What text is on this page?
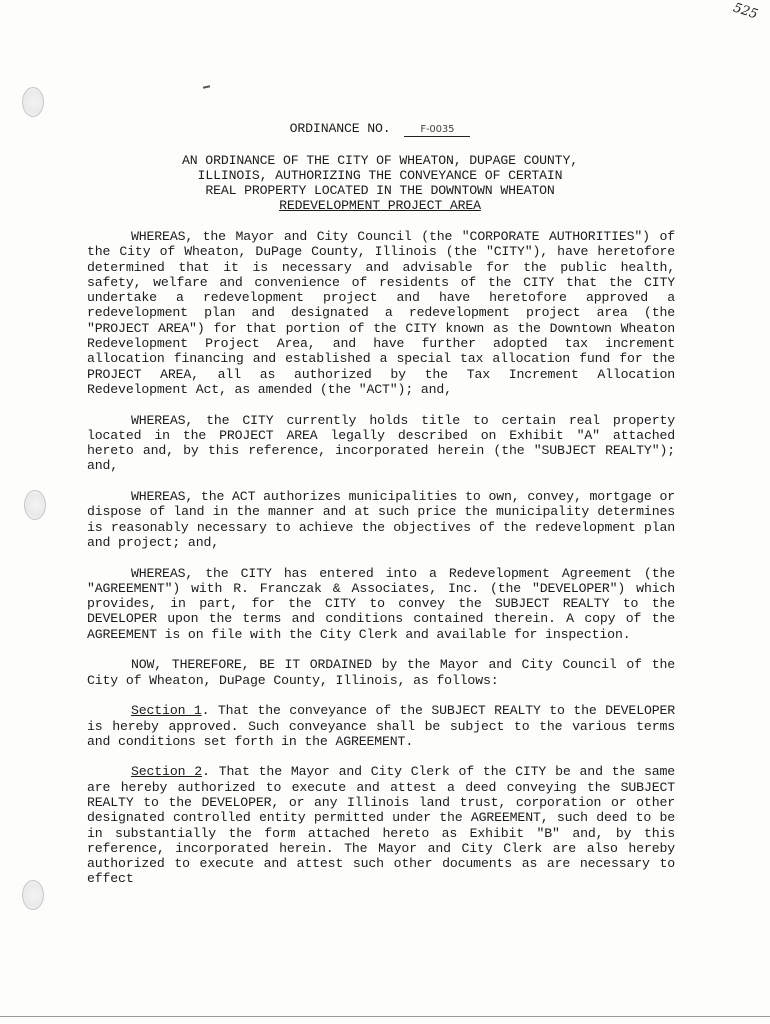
525
ORDINANCE NO.	F-0035
AN ORDINANCE OF THE CITY OF WHEATON, DUPAGE COUNTY,
ILLINOIS, AUTHORIZING THE CONVEYANCE OF CERTAIN
REAL PROPERTY LOCATED IN THE DOWNTOWN WHEATON
REDEVELOPMENT PROJECT AREA

WHEREAS, the Mayor and City Council (the "CORPORATE AUTHORITIES") of the City of Wheaton, DuPage County, Illinois (the "CITY"), have heretofore determined that it is necessary and advisable for the public health, safety, welfare and convenience of residents of the CITY that the CITY undertake a redevelopment project and have heretofore approved a redevelopment plan and designated a redevelopment project area (the "PROJECT AREA") for that portion of the CITY known as the Downtown Wheaton Redevelopment Project Area, and have further adopted tax increment allocation financing and established a special tax allocation fund for the PROJECT AREA, all as authorized by the Tax Increment Allocation Redevelopment Act, as amended (the "ACT"); and,

WHEREAS, the CITY currently holds title to certain real property located in the PROJECT AREA legally described on Exhibit "A" attached hereto and, by this reference, incorporated herein (the "SUBJECT REALTY"); and,

WHEREAS, the ACT authorizes municipalities to own, convey, mortgage or dispose of land in the manner and at such price the municipality determines is reasonably necessary to achieve the objectives of the redevelopment plan and project; and,

WHEREAS, the CITY has entered into a Redevelopment Agreement (the "AGREEMENT") with R. Franczak & Associates, Inc. (the "DEVELOPER") which provides, in part, for the CITY to convey the SUBJECT REALTY to the DEVELOPER upon the terms and conditions contained therein. A copy of the AGREEMENT is on file with the City Clerk and available for inspection.

NOW, THEREFORE, BE IT ORDAINED by the Mayor and City Council of the City of Wheaton, DuPage County, Illinois, as follows:

Section 1. That the conveyance of the SUBJECT REALTY to the DEVELOPER is hereby approved. Such conveyance shall be subject to the various terms and conditions set forth in the AGREEMENT.

Section 2. That the Mayor and City Clerk of the CITY be and the same are hereby authorized to execute and attest a deed conveying the SUBJECT REALTY to the DEVELOPER, or any Illinois land trust, corporation or other designated controlled entity permitted under the AGREEMENT, such deed to be in substantially the form attached hereto as Exhibit "B" and, by this reference, incorporated herein. The Mayor and City Clerk are also hereby authorized to execute and attest such other documents as are necessary to effect
